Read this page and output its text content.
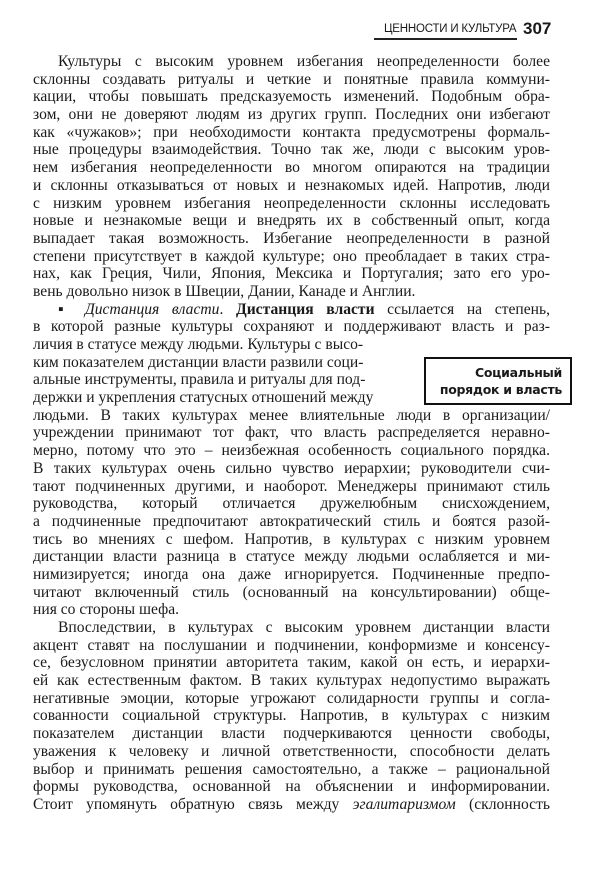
ЦЕННОСТИ И КУЛЬТУРА 307
Культуры с высоким уровнем избегания неопределенности более
склонны создавать ритуалы и четкие и понятные правила коммуни-
кации, чтобы повышать предсказуемость изменений. Подобным обра-
зом, они не доверяют людям из других групп. Последних они избегают
как «чужаков»; при необходимости контакта предусмотрены формаль-
ные процедуры взаимодействия. Точно так же, люди с высоким уров-
нем избегания неопределенности во многом опираются на традиции
и склонны отказываться от новых и незнакомых идей. Напротив, люди
с низким уровнем избегания неопределенности склонны исследовать
новые и незнакомые вещи и внедрять их в собственный опыт, когда
выпадает такая возможность. Избегание неопределенности в разной
степени присутствует в каждой культуре; оно преобладает в таких стра-
нах, как Греция, Чили, Япония, Мексика и Португалия; зато его уро-
вень довольно низок в Швеции, Дании, Канаде и Англии.
▪ Дистанция власти. Дистанция власти ссылается на степень,
в которой разные культуры сохраняют и поддерживают власть и раз-
личия в статусе между людьми. Культуры с высо-
ким показателем дистанции власти развили соци-
альные инструменты, правила и ритуалы для под-
держки и укрепления статусных отношений между
людьми. В таких культурах менее влиятельные люди в организации/
учреждении принимают тот факт, что власть распределяется неравно-
мерно, потому что это – неизбежная особенность социального порядка.
В таких культурах очень сильно чувство иерархии; руководители счи-
тают подчиненных другими, и наоборот. Менеджеры принимают стиль
руководства, который отличается дружелюбным снисхождением,
а подчиненные предпочитают автократический стиль и боятся разой-
тись во мнениях с шефом. Напротив, в культурах с низким уровнем
дистанции власти разница в статусе между людьми ослабляется и ми-
нимизируется; иногда она даже игнорируется. Подчиненные предпо-
читают включенный стиль (основанный на консультировании) обще-
ния со стороны шефа.
Впоследствии, в культурах с высоким уровнем дистанции власти
акцент ставят на послушании и подчинении, конформизме и консенсу-
се, безусловном принятии авторитета таким, какой он есть, и иерархи-
ей как естественным фактом. В таких культурах недопустимо выражать
негативные эмоции, которые угрожают солидарности группы и согла-
сованности социальной структуры. Напротив, в культурах с низким
показателем дистанции власти подчеркиваются ценности свободы,
уважения к человеку и личной ответственности, способности делать
выбор и принимать решения самостоятельно, а также – рациональной
формы руководства, основанной на объяснении и информировании.
Стоит упомянуть обратную связь между эгалитаризмом (склонность
Социальный
порядок и власть
